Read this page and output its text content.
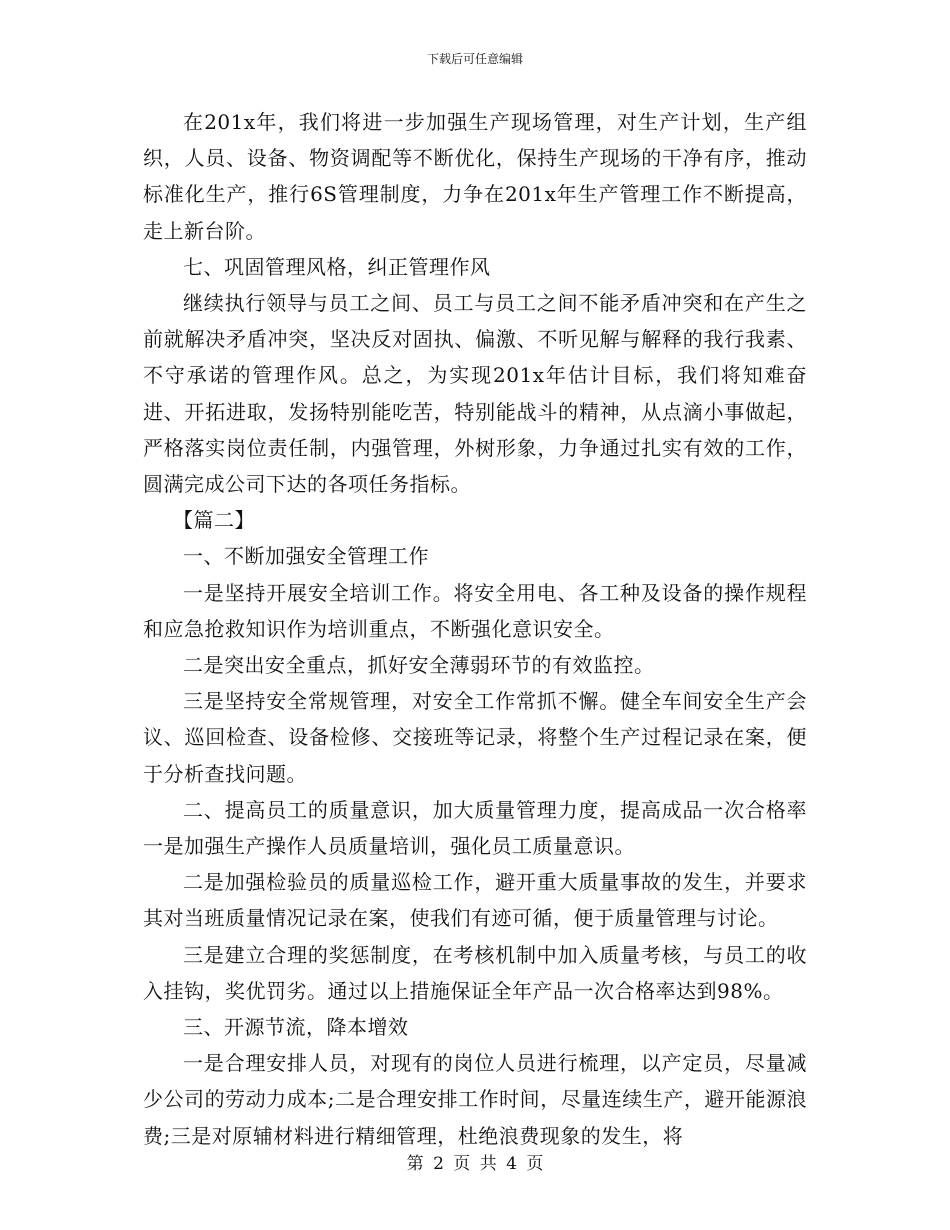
下载后可任意编辑

在201x年，我们将进一步加强生产现场管理，对生产计划，生产组织，人员、设备、物资调配等不断优化，保持生产现场的干净有序，推动标准化生产，推行6S管理制度，力争在201x年生产管理工作不断提高，走上新台阶。

七、巩固管理风格，纠正管理作风

继续执行领导与员工之间、员工与员工之间不能矛盾冲突和在产生之前就解决矛盾冲突，坚决反对固执、偏激、不听见解与解释的我行我素、不守承诺的管理作风。总之，为实现201x年估计目标，我们将知难奋进、开拓进取，发扬特别能吃苦，特别能战斗的精神，从点滴小事做起，严格落实岗位责任制，内强管理，外树形象，力争通过扎实有效的工作，圆满完成公司下达的各项任务指标。

【篇二】

一、不断加强安全管理工作

一是坚持开展安全培训工作。将安全用电、各工种及设备的操作规程和应急抢救知识作为培训重点，不断强化意识安全。

二是突出安全重点，抓好安全薄弱环节的有效监控。

三是坚持安全常规管理，对安全工作常抓不懈。健全车间安全生产会议、巡回检查、设备检修、交接班等记录，将整个生产过程记录在案，便于分析查找问题。

二、提高员工的质量意识，加大质量管理力度，提高成品一次合格率一是加强生产操作人员质量培训，强化员工质量意识。

二是加强检验员的质量巡检工作，避开重大质量事故的发生，并要求其对当班质量情况记录在案，使我们有迹可循，便于质量管理与讨论。

三是建立合理的奖惩制度，在考核机制中加入质量考核，与员工的收入挂钩，奖优罚劣。通过以上措施保证全年产品一次合格率达到98%。

三、开源节流，降本增效

一是合理安排人员，对现有的岗位人员进行梳理，以产定员，尽量减少公司的劳动力成本;二是合理安排工作时间，尽量连续生产，避开能源浪费;三是对原辅材料进行精细管理，杜绝浪费现象的发生，将

第 2 页 共 4 页
